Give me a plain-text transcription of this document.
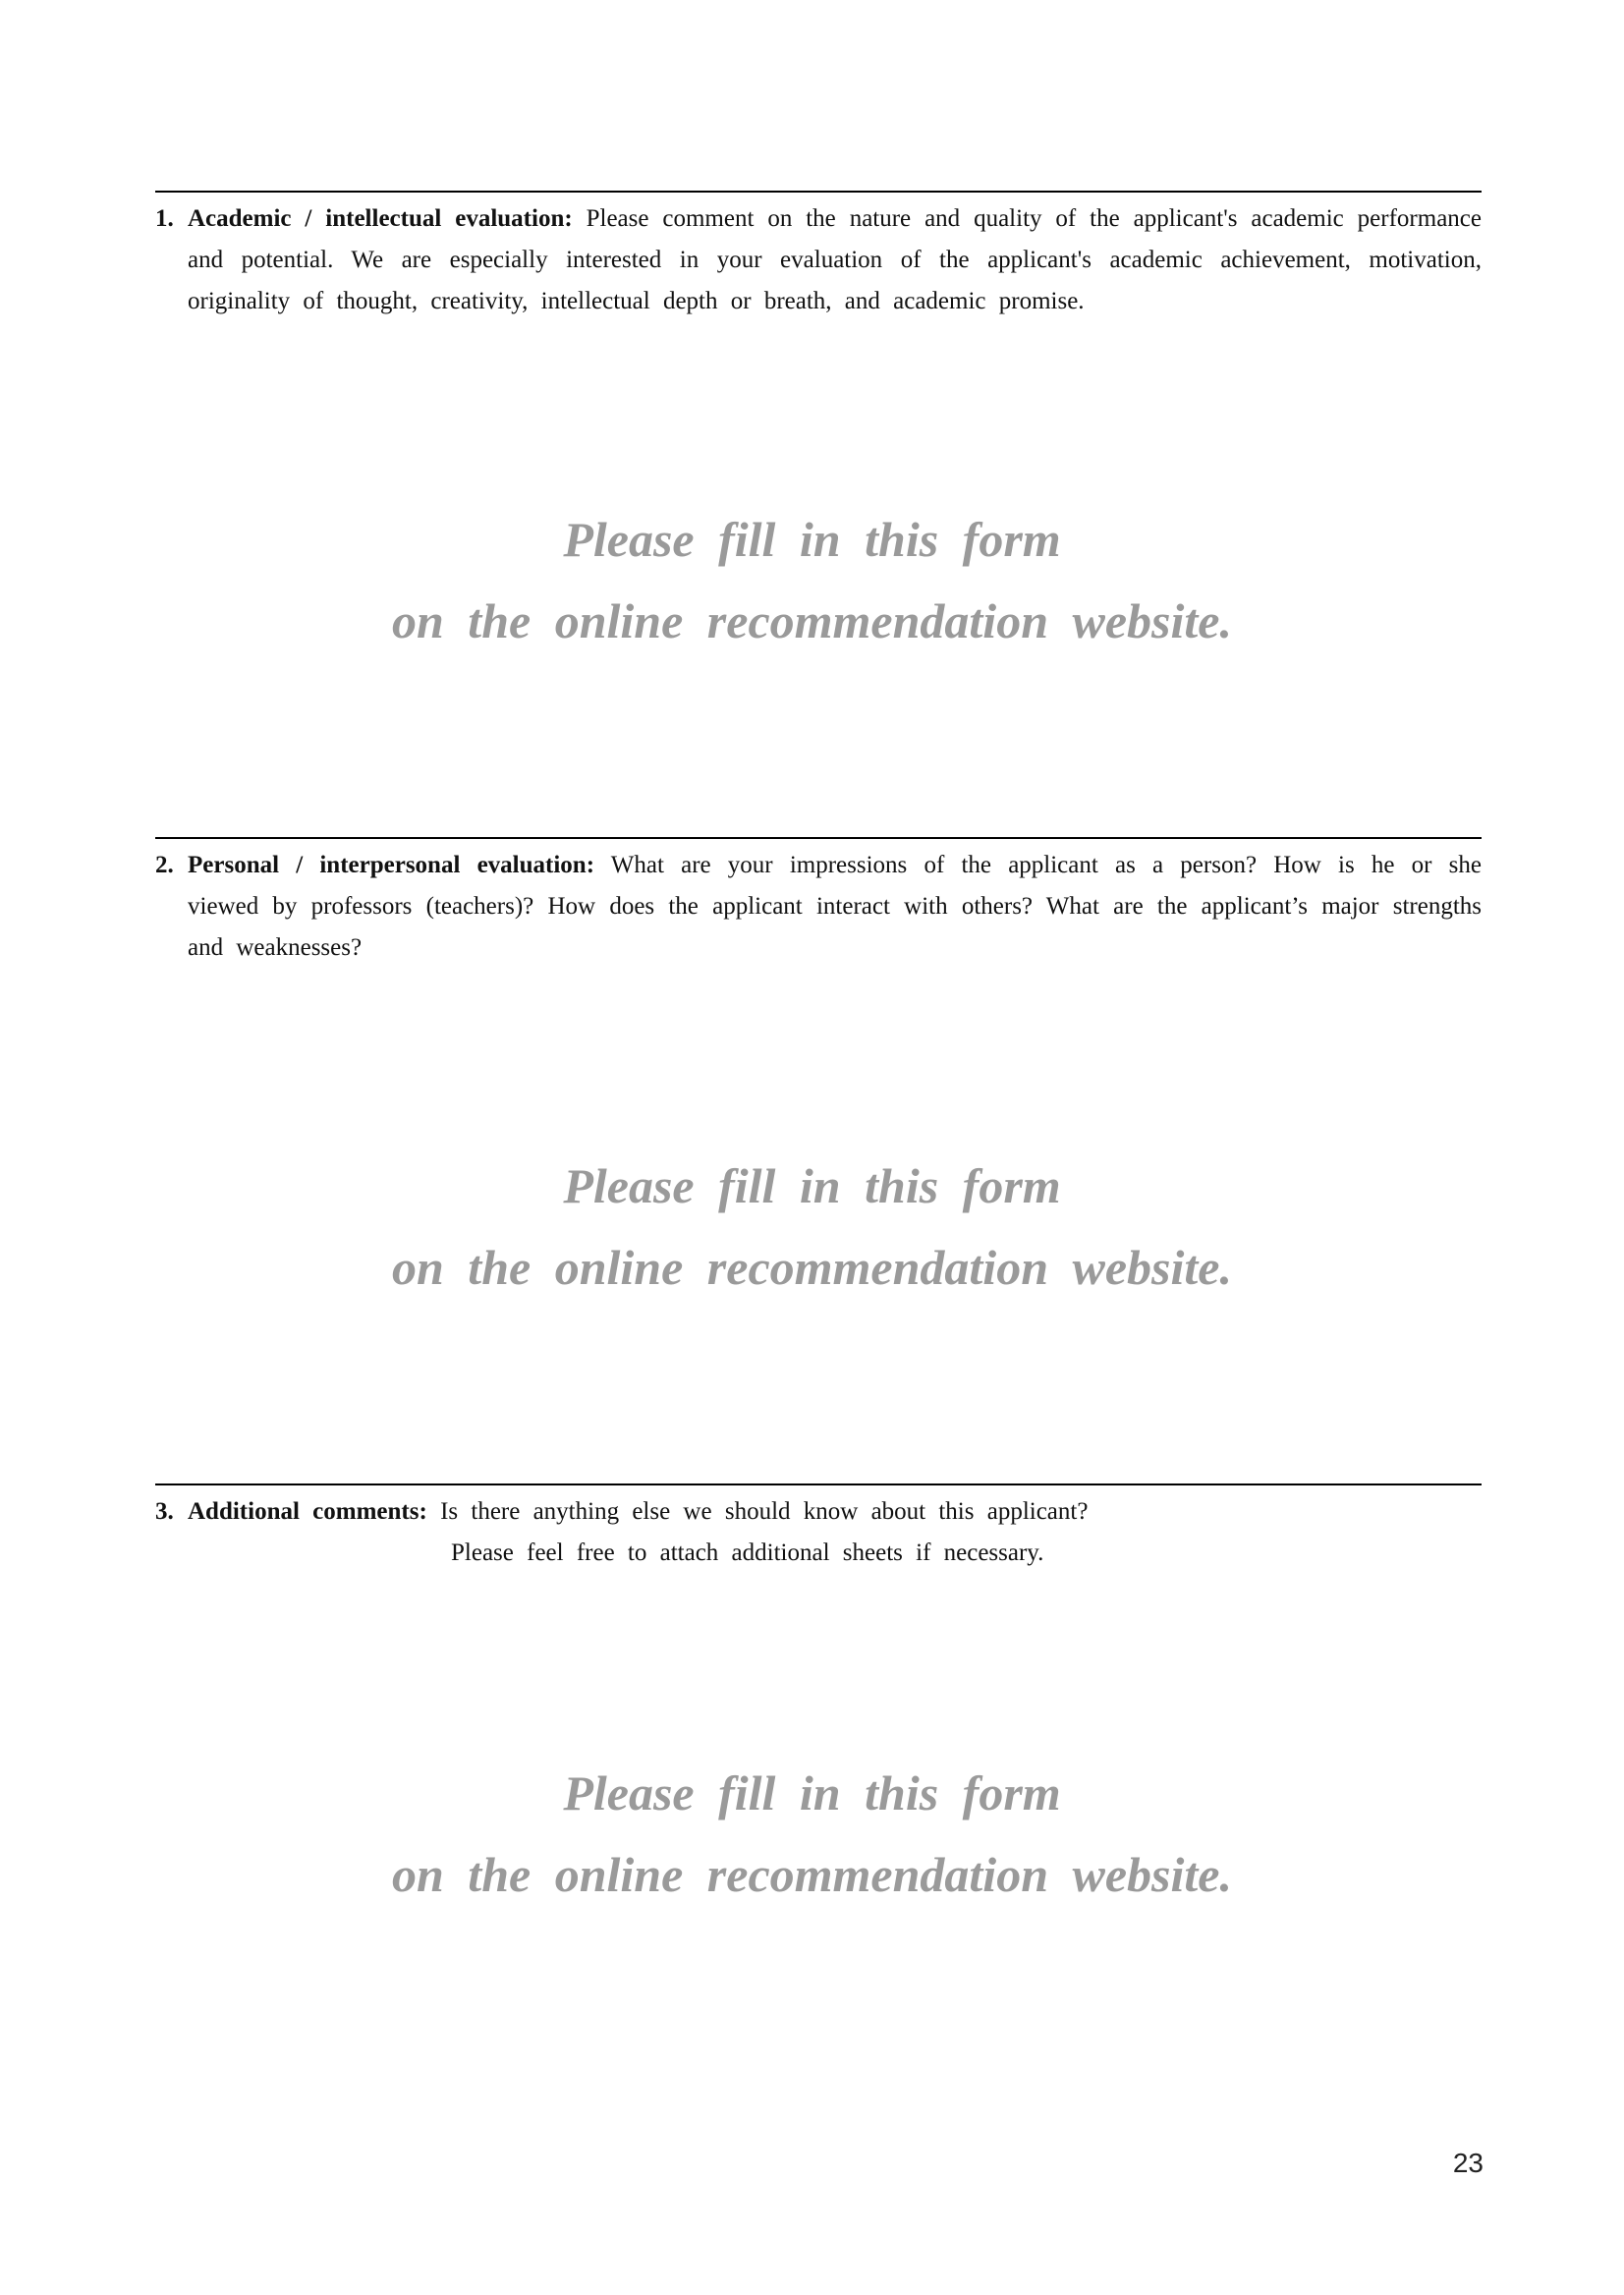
1. Academic / intellectual evaluation: Please comment on the nature and quality of the applicant's academic performance and potential. We are especially interested in your evaluation of the applicant's academic achievement, motivation, originality of thought, creativity, intellectual depth or breath, and academic promise.
Please fill in this form
on the online recommendation website.
2. Personal / interpersonal evaluation: What are your impressions of the applicant as a person? How is he or she viewed by professors (teachers)? How does the applicant interact with others? What are the applicant’s major strengths and weaknesses?
Please fill in this form
on the online recommendation website.
3. Additional comments: Is there anything else we should know about this applicant?
Please feel free to attach additional sheets if necessary.
Please fill in this form
on the online recommendation website.
23
